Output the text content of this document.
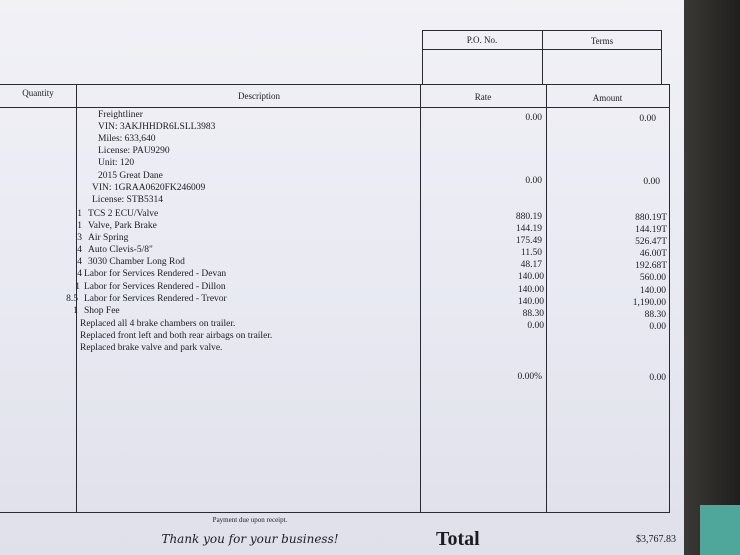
P.O. No.	Terms
Quantity	Description	Rate	Amount
Freightliner	0.00	0.00
VIN: 3AKJHHDR6LSLL3983
Miles: 633,640
License: PAU9290
Unit: 120
2015 Great Dane	0.00	0.00
VIN: 1GRAA0620FK246009
License: STB5314
1 TCS 2 ECU/Valve	880.19	880.19T
1 Valve, Park Brake	144.19	144.19T
3 Air Spring	175.49	526.47T
4 Auto Clevis-5/8"	11.50	46.00T
4 3030 Chamber Long Rod	48.17	192.68T
4 Labor for Services Rendered - Devan	140.00	560.00
1 Labor for Services Rendered - Dillon	140.00	140.00
8.5 Labor for Services Rendered - Trevor	140.00	1,190.00
1 Shop Fee	88.30	88.30
Replaced all 4 brake chambers on trailer.	0.00	0.00
Replaced front left and both rear airbags on trailer.
Replaced brake valve and park valve.
0.00%	0.00
Payment due upon receipt.
Thank you for your business!	Total	$3,767.83
